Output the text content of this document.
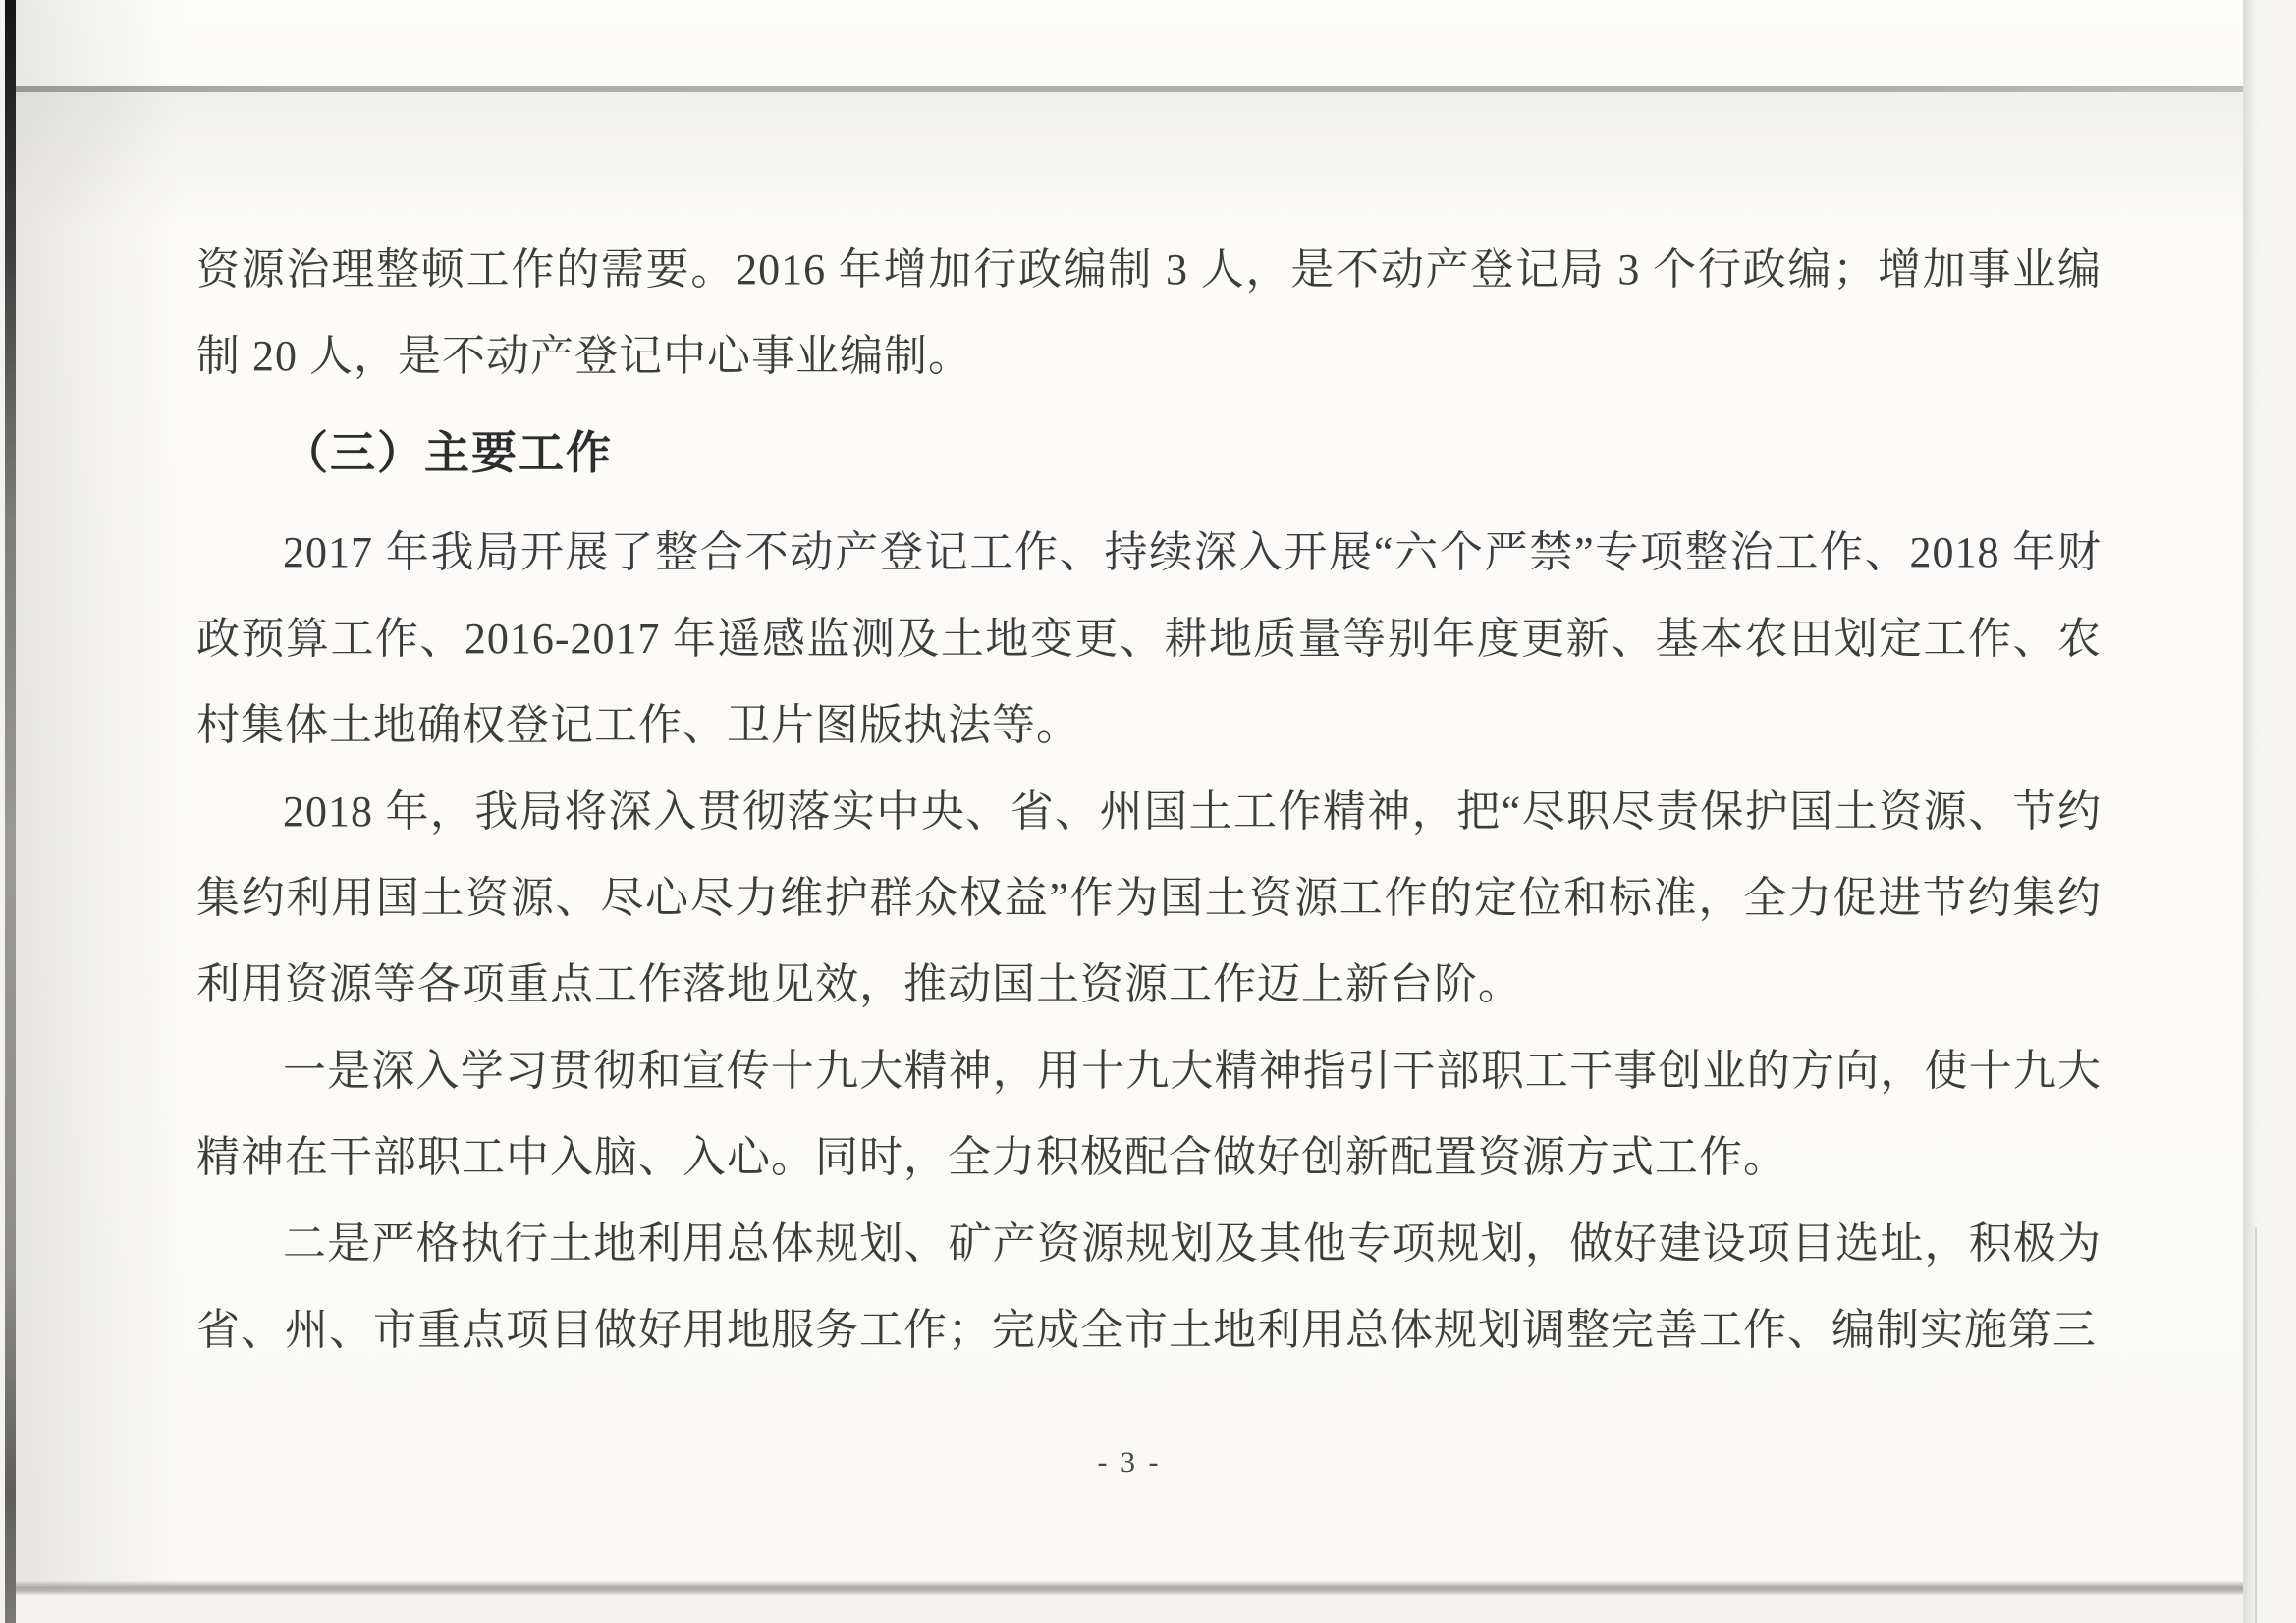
资源治理整顿工作的需要。2016 年增加行政编制 3 人，是不动产登记局 3 个行政编；增加事业编制 20 人，是不动产登记中心事业编制。

（三）主要工作

2017 年我局开展了整合不动产登记工作、持续深入开展“六个严禁”专项整治工作、2018 年财政预算工作、2016-2017 年遥感监测及土地变更、耕地质量等别年度更新、基本农田划定工作、农村集体土地确权登记工作、卫片图版执法等。

2018 年，我局将深入贯彻落实中央、省、州国土工作精神，把“尽职尽责保护国土资源、节约集约利用国土资源、尽心尽力维护群众权益”作为国土资源工作的定位和标准，全力促进节约集约利用资源等各项重点工作落地见效，推动国土资源工作迈上新台阶。

一是深入学习贯彻和宣传十九大精神，用十九大精神指引干部职工干事创业的方向，使十九大精神在干部职工中入脑、入心。同时，全力积极配合做好创新配置资源方式工作。

二是严格执行土地利用总体规划、矿产资源规划及其他专项规划，做好建设项目选址，积极为省、州、市重点项目做好用地服务工作；完成全市土地利用总体规划调整完善工作、编制实施第三

- 3 -
